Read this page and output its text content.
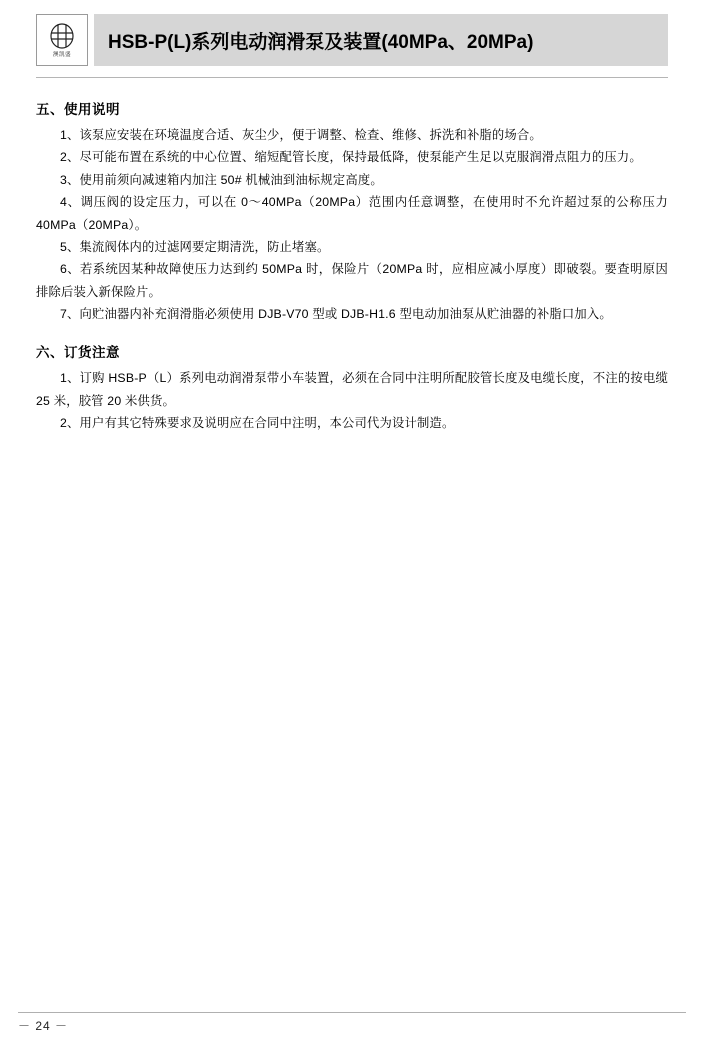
澳凯盛
HSB-P(L)系列电动润滑泵及装置(40MPa、20MPa)
五、使用说明

1、该泵应安装在环境温度合适、灰尘少，便于调整、检查、维修、拆洗和补脂的场合。

2、尽可能布置在系统的中心位置、缩短配管长度，保持最低降，使泵能产生足以克服润滑点阻力的压力。

3、使用前须向减速箱内加注 50# 机械油到油标规定高度。

4、调压阀的设定压力，可以在 0～40MPa（20MPa）范围内任意调整，在使用时不允许超过泵的公称压力 40MPa（20MPa）。

5、集流阀体内的过滤网要定期清洗，防止堵塞。

6、若系统因某种故障使压力达到约 50MPa 时，保险片（20MPa 时，应相应减小厚度）即破裂。要查明原因排除后装入新保险片。

7、向贮油器内补充润滑脂必须使用 DJB-V70 型或 DJB-H1.6 型电动加油泵从贮油器的补脂口加入。

六、订货注意

1、订购 HSB-P（L）系列电动润滑泵带小车装置，必须在合同中注明所配胶管长度及电缆长度，不注的按电缆 25 米，胶管 20 米供货。

2、用户有其它特殊要求及说明应在合同中注明，本公司代为设计制造。

－ 24 －
